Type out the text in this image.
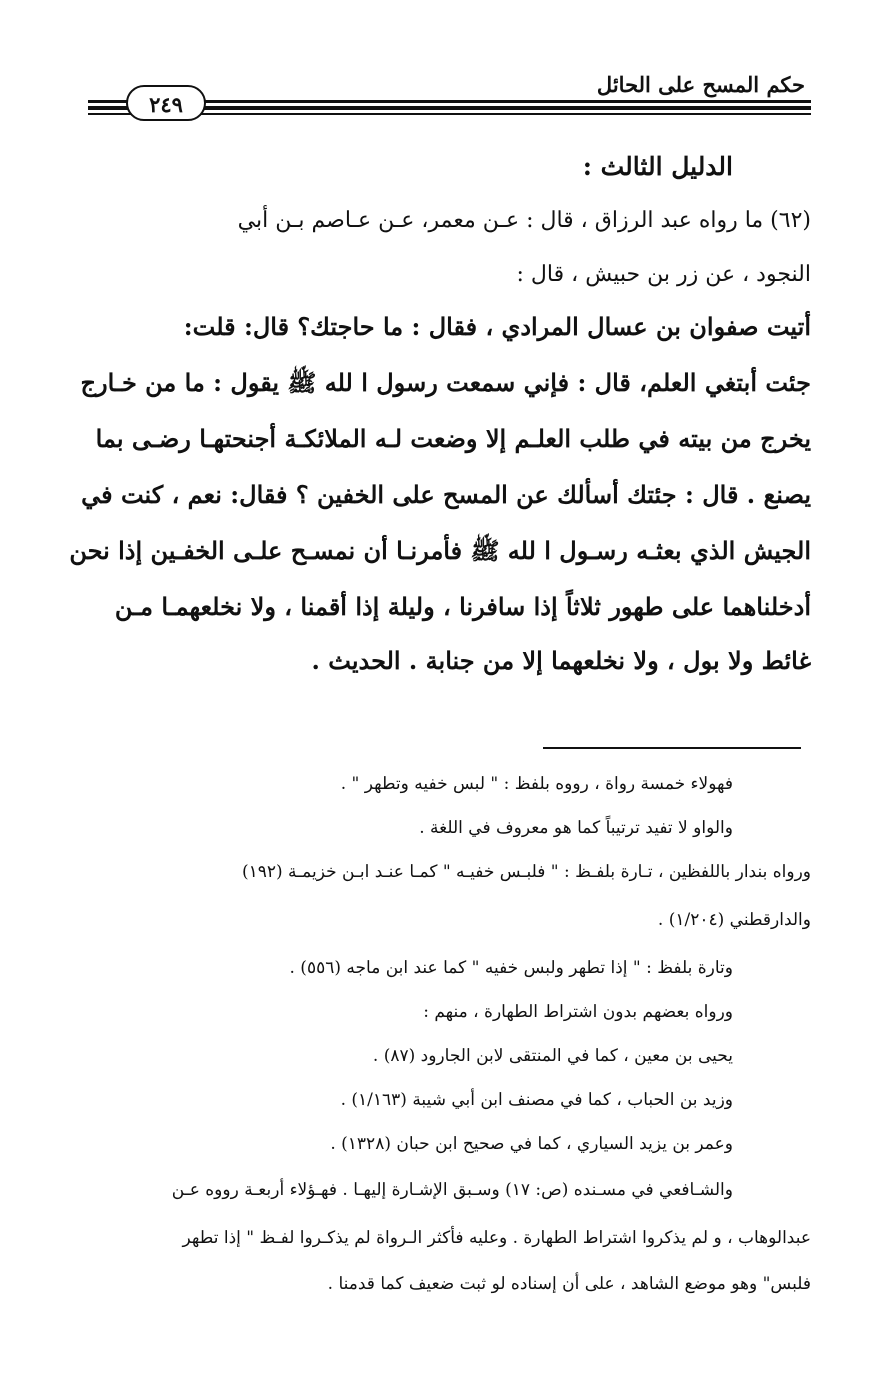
حكم المسح على الحائل
٢٤٩
الدليل الثالث :
(٦٢) ما رواه عبد الرزاق ، قال : عـن معمر، عـن عـاصم بـن أبي
النجود ، عن زر بن حبيش ، قال :
أتيت صفوان بن عسال المرادي ، فقال : ما حاجتك؟ قال: قلت:
جئت أبتغي العلم، قال : فإني سمعت رسول ا لله ﷺ يقول : ما من خـارج
يخرج من بيته في طلب العلـم إلا وضعت لـه الملائكـة أجنحتهـا رضـى بما
يصنع . قال : جئتك أسألك عن المسح على الخفين ؟ فقال: نعم ، كنت في
الجيش الذي بعثـه رسـول ا لله ﷺ فأمرنـا أن نمسـح علـى الخفـين إذا نحن
أدخلناهما على طهور ثلاثاً إذا سافرنا ، وليلة إذا أقمنا ، ولا نخلعهمـا مـن
غائط ولا بول ، ولا نخلعهما إلا من جنابة . الحديث .
فهولاء خمسة رواة ، رووه بلفظ : " لبس خفيه وتطهر " .
والواو لا تفيد ترتيباً كما هو معروف في اللغة .
ورواه بندار باللفظين ، تـارة بلفـظ : " فلبـس خفيـه " كمـا عنـد ابـن خزيمـة (١٩٢)
والدارقطني (١/٢٠٤) .
وتارة بلفظ : " إذا تطهر ولبس خفيه " كما عند ابن ماجه (٥٥٦) .
ورواه بعضهم بدون اشتراط الطهارة ، منهم :
يحيى بن معين ، كما في المنتقى لابن الجارود (٨٧) .
وزيد بن الحباب ، كما في مصنف ابن أبي شيبة (١/١٦٣) .
وعمر بن يزيد السياري ، كما في صحيح ابن حبان (١٣٢٨) .
والشـافعي في مسـنده (ص: ١٧) وسـبق الإشـارة إليهـا . فهـؤلاء أربعـة رووه عـن
عبدالوهاب ، و لم يذكروا اشتراط الطهارة . وعليه فأكثر الـرواة لم يذكـروا لفـظ " إذا تطهر
فلبس" وهو موضع الشاهد ، على أن إسناده لو ثبت ضعيف كما قدمنا .
